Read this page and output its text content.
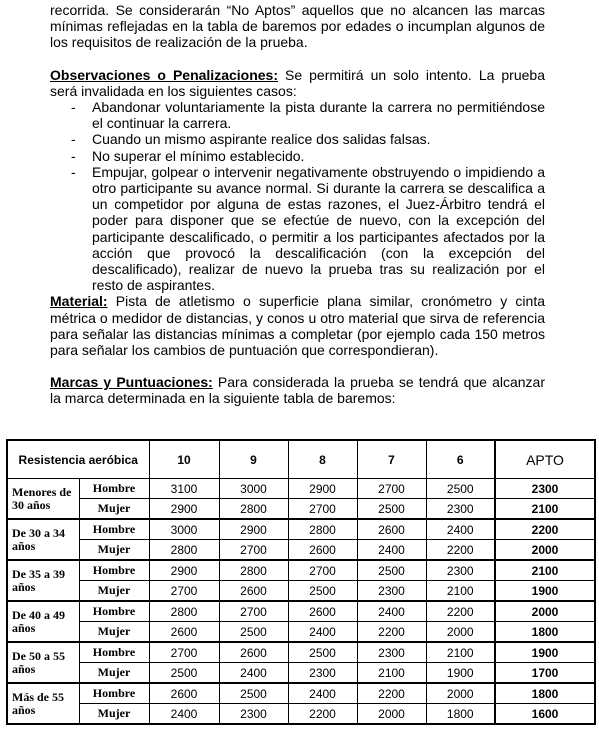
recorrida. Se considerarán “No Aptos” aquellos que no alcancen las marcas mínimas reflejadas en la tabla de baremos por edades o incumplan algunos de los requisitos de realización de la prueba.

Observaciones o Penalizaciones: Se permitirá un solo intento. La prueba será invalidada en los siguientes casos:

- Abandonar voluntariamente la pista durante la carrera no permitiéndose el continuar la carrera.
- Cuando un mismo aspirante realice dos salidas falsas.
- No superar el mínimo establecido.
- Empujar, golpear o intervenir negativamente obstruyendo o impidiendo a otro participante su avance normal. Si durante la carrera se descalifica a un competidor por alguna de estas razones, el Juez-Árbitro tendrá el poder para disponer que se efectúe de nuevo, con la excepción del participante descalificado, o permitir a los participantes afectados por la acción que provocó la descalificación (con la excepción del descalificado), realizar de nuevo la prueba tras su realización por el resto de aspirantes.

Material: Pista de atletismo o superficie plana similar, cronómetro y cinta métrica o medidor de distancias, y conos u otro material que sirva de referencia para señalar las distancias mínimas a completar (por ejemplo cada 150 metros para señalar los cambios de puntuación que correspondieran).

Marcas y Puntuaciones: Para considerada la prueba se tendrá que alcanzar la marca determinada en la siguiente tabla de baremos:

Resistencia aeróbica		10	9	8	7	6	APTO
Menores de 30 años	Hombre	3100	3000	2900	2700	2500	2300
	Mujer	2900	2800	2700	2500	2300	2100
De 30 a 34 años	Hombre	3000	2900	2800	2600	2400	2200
	Mujer	2800	2700	2600	2400	2200	2000
De 35 a 39 años	Hombre	2900	2800	2700	2500	2300	2100
	Mujer	2700	2600	2500	2300	2100	1900
De 40 a 49 años	Hombre	2800	2700	2600	2400	2200	2000
	Mujer	2600	2500	2400	2200	2000	1800
De 50 a 55 años	Hombre	2700	2600	2500	2300	2100	1900
	Mujer	2500	2400	2300	2100	1900	1700
Más de 55 años	Hombre	2600	2500	2400	2200	2000	1800
	Mujer	2400	2300	2200	2000	1800	1600
